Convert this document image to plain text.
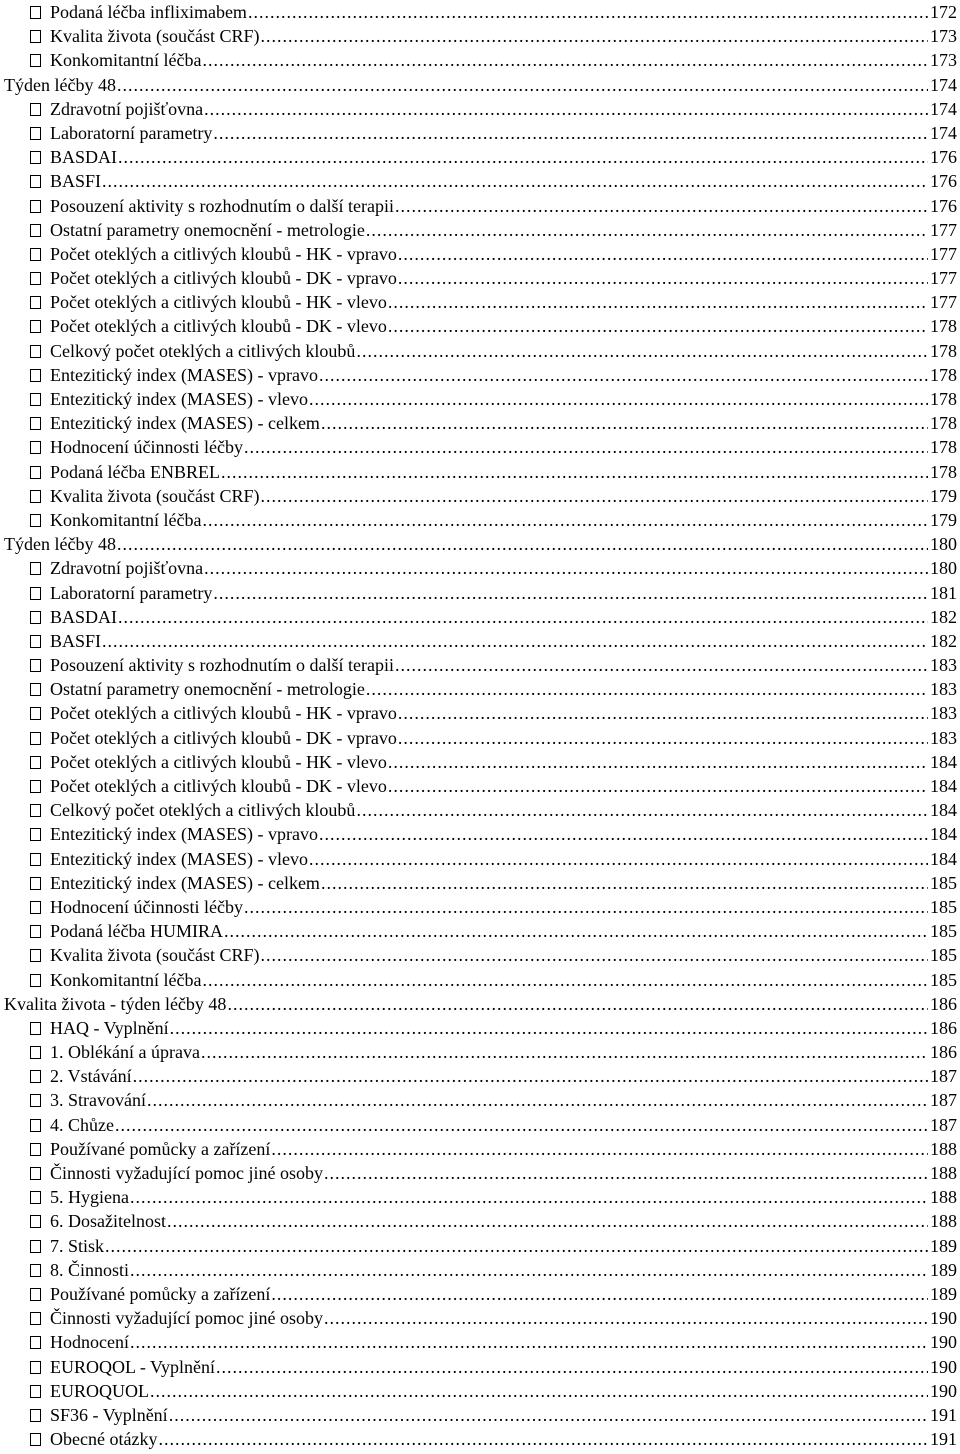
Podaná léčba infliximabem .....	172
Kvalita života (součást CRF) .....	173
Konkomitantní léčba .....	173
Týden léčby 48 .....	174
Zdravotní pojišťovna .....	174
Laboratorní parametry .....	174
BASDAI .....	176
BASFI .....	176
Posouzení aktivity s rozhodnutím o další terapii .....	176
Ostatní parametry onemocnění - metrologie .....	177
Počet oteklých a citlivých kloubů - HK - vpravo .....	177
Počet oteklých a citlivých kloubů - DK - vpravo .....	177
Počet oteklých a citlivých kloubů - HK - vlevo .....	177
Počet oteklých a citlivých kloubů - DK - vlevo .....	178
Celkový počet oteklých a citlivých kloubů .....	178
Entezitický index (MASES) - vpravo .....	178
Entezitický index (MASES) - vlevo .....	178
Entezitický index (MASES) - celkem .....	178
Hodnocení účinnosti léčby .....	178
Podaná léčba ENBREL .....	178
Kvalita života (součást CRF) .....	179
Konkomitantní léčba .....	179
Týden léčby 48 .....	180
Zdravotní pojišťovna .....	180
Laboratorní parametry .....	181
BASDAI .....	182
BASFI .....	182
Posouzení aktivity s rozhodnutím o další terapii .....	183
Ostatní parametry onemocnění - metrologie .....	183
Počet oteklých a citlivých kloubů - HK - vpravo .....	183
Počet oteklých a citlivých kloubů - DK - vpravo .....	183
Počet oteklých a citlivých kloubů - HK - vlevo .....	184
Počet oteklých a citlivých kloubů - DK - vlevo .....	184
Celkový počet oteklých a citlivých kloubů .....	184
Entezitický index (MASES) - vpravo .....	184
Entezitický index (MASES) - vlevo .....	184
Entezitický index (MASES) - celkem .....	185
Hodnocení účinnosti léčby .....	185
Podaná léčba HUMIRA .....	185
Kvalita života (součást CRF) .....	185
Konkomitantní léčba .....	185
Kvalita života - týden léčby 48 .....	186
HAQ - Vyplnění .....	186
1. Oblékání a úprava .....	186
2. Vstávání .....	187
3. Stravování .....	187
4. Chůze .....	187
Používané pomůcky a zařízení .....	188
Činnosti vyžadující pomoc jiné osoby .....	188
5. Hygiena .....	188
6. Dosažitelnost .....	188
7. Stisk .....	189
8. Činnosti .....	189
Používané pomůcky a zařízení .....	189
Činnosti vyžadující pomoc jiné osoby .....	190
Hodnocení .....	190
EUROQOL - Vyplnění .....	190
EUROQUOL .....	190
SF36 - Vyplnění .....	191
Obecné otázky .....	191
